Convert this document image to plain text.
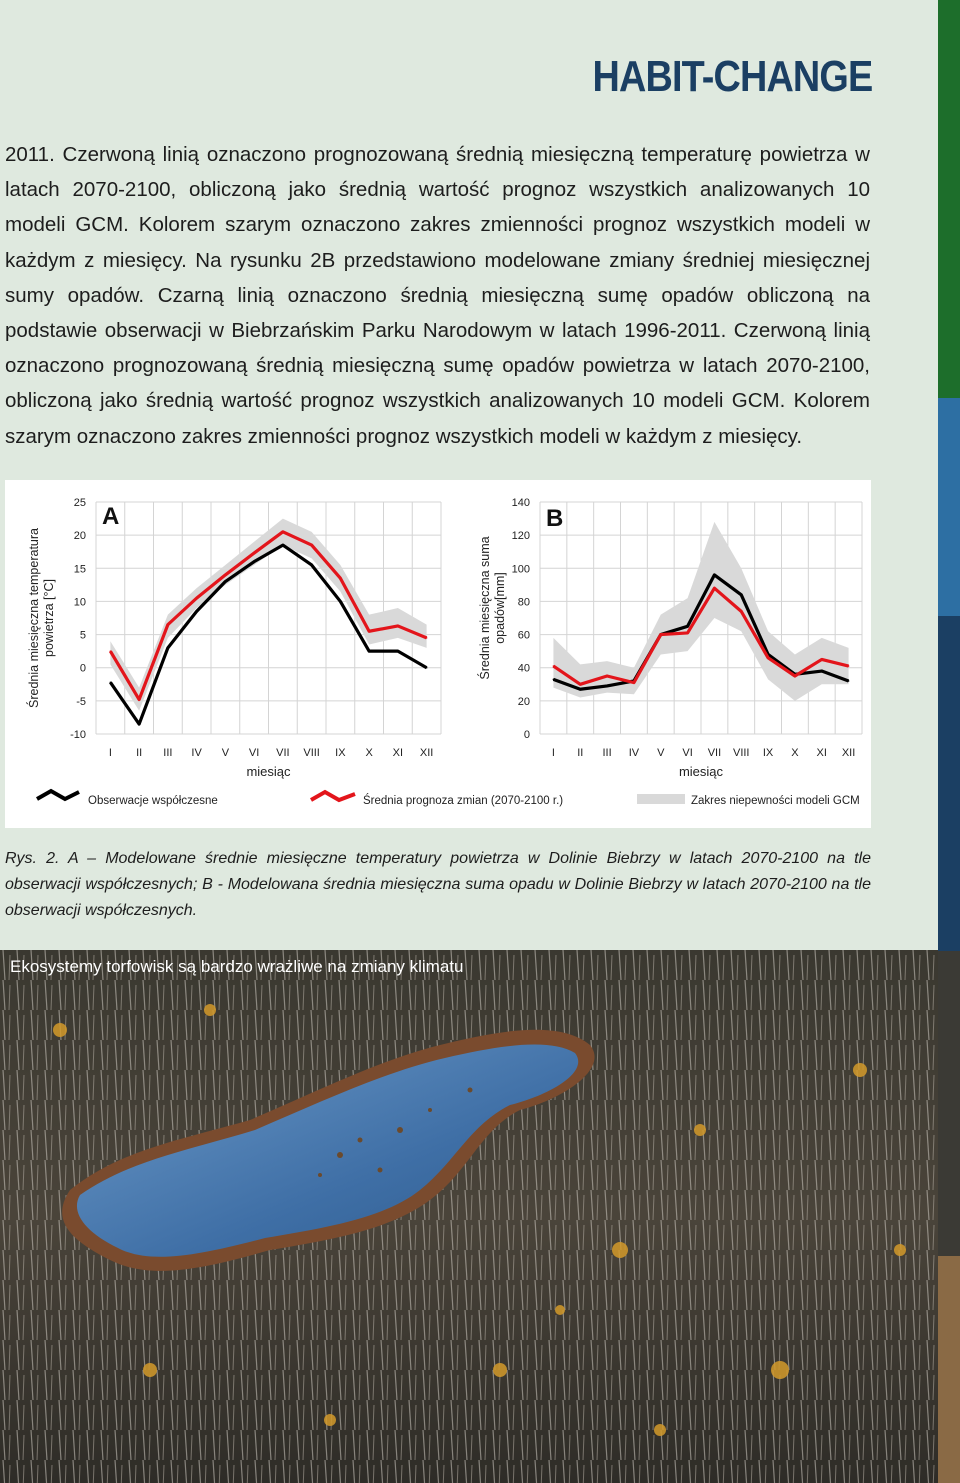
HABIT-CHANGE

2011. Czerwoną linią oznaczono prognozowaną średnią miesięczną temperaturę powietrza w latach 2070-2100, obliczoną jako średnią wartość prognoz wszystkich analizowanych 10 modeli GCM. Kolorem szarym oznaczono zakres zmienności prognoz wszystkich modeli w każdym z miesięcy. Na rysunku 2B przedstawiono modelowane zmiany średniej miesięcznej sumy opadów. Czarną linią oznaczono średnią miesięczną sumę opadów obliczoną na podstawie obserwacji w Biebrzańskim Parku Narodowym w latach 1996-2011. Czerwoną linią oznaczono prognozowaną średnią miesięczną sumę opadów powietrza w latach 2070-2100, obliczoną jako średnią wartość prognoz wszystkich analizowanych 10 modeli GCM. Kolorem szarym oznaczono zakres zmienności prognoz wszystkich modeli w każdym z miesięcy.

-10
-5
0
5
10
15
20
25
I II III IV V VI VII VIII IX X XI XII
miesiąc
Średnia miesięczna temperaturapowietrza [°C]
A
0
20
40
60
80
100
120
140
I II III IV V VI VII VIII IX X XI XII
miesiąc
Średnia miesięczna sumaopadów[mm]
B
Obserwacje współczesne	Średnia prognoza zmian (2070-2100 r.)	Zakres niepewności modeli GCM

Rys. 2. A – Modelowane średnie miesięczne temperatury powietrza w Dolinie Biebrzy w latach 2070-2100 na tle obserwacji współczesnych; B - Modelowana średnia miesięczna suma opadu w Dolinie Biebrzy w latach 2070-2100 na tle obserwacji współczesnych.

Ekosystemy torfowisk są bardzo wrażliwe na zmiany klimatu
